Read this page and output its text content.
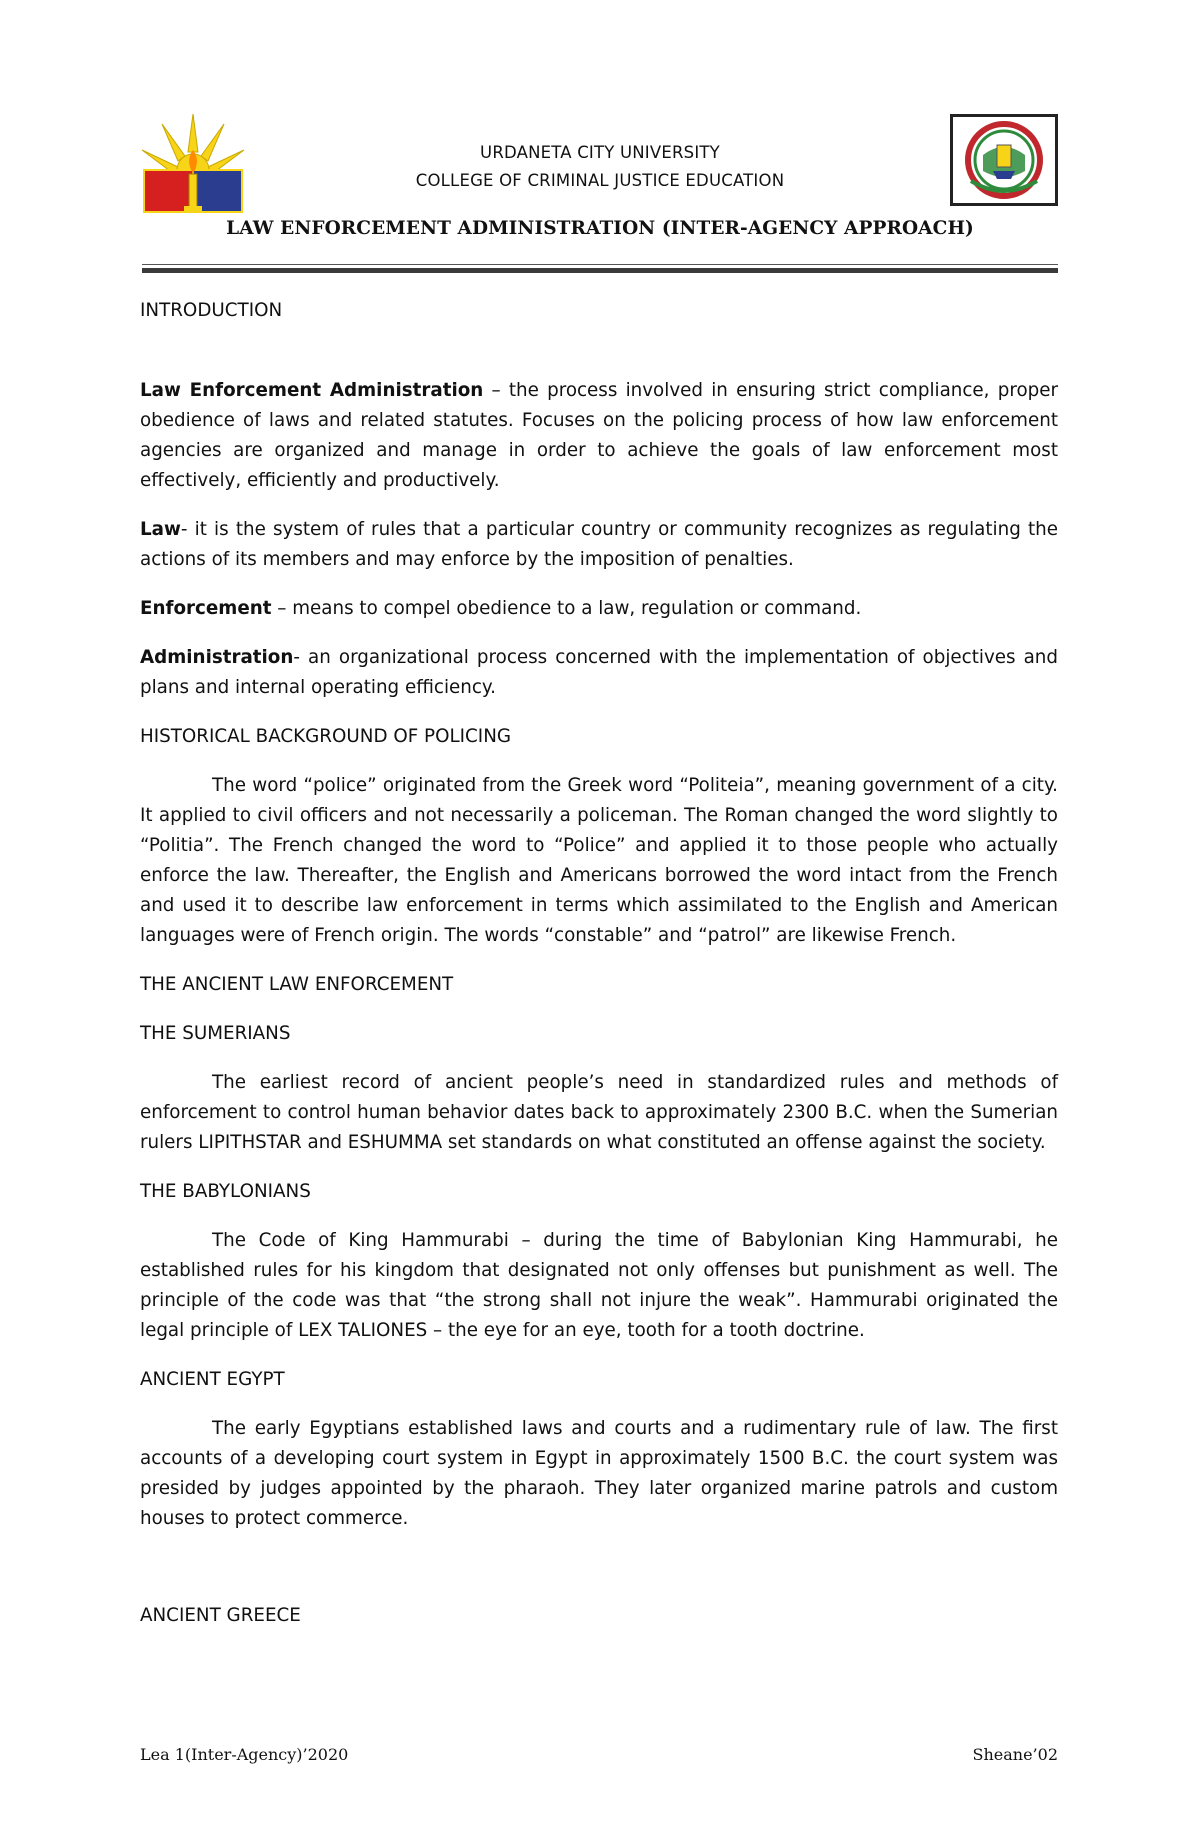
URDANETA CITY UNIVERSITY
COLLEGE OF CRIMINAL JUSTICE EDUCATION
LAW ENFORCEMENT ADMINISTRATION (INTER-AGENCY APPROACH)
INTRODUCTION

Law Enforcement Administration – the process involved in ensuring strict compliance, proper obedience of laws and related statutes. Focuses on the policing process of how law enforcement agencies are organized and manage in order to achieve the goals of law enforcement most effectively, efficiently and productively.

Law- it is the system of rules that a particular country or community recognizes as regulating the actions of its members and may enforce by the imposition of penalties.

Enforcement – means to compel obedience to a law, regulation or command.

Administration- an organizational process concerned with the implementation of objectives and plans and internal operating efficiency.

HISTORICAL BACKGROUND OF POLICING

The word “police” originated from the Greek word “Politeia”, meaning government of a city. It applied to civil officers and not necessarily a policeman. The Roman changed the word slightly to “Politia”. The French changed the word to “Police” and applied it to those people who actually enforce the law. Thereafter, the English and Americans borrowed the word intact from the French and used it to describe law enforcement in terms which assimilated to the English and American languages were of French origin. The words “constable” and “patrol” are likewise French.

THE ANCIENT LAW ENFORCEMENT
THE SUMERIANS

The earliest record of ancient people’s need in standardized rules and methods of enforcement to control human behavior dates back to approximately 2300 B.C. when the Sumerian rulers LIPITHSTAR and ESHUMMA set standards on what constituted an offense against the society.

THE BABYLONIANS

The Code of King Hammurabi – during the time of Babylonian King Hammurabi, he established rules for his kingdom that designated not only offenses but punishment as well. The principle of the code was that “the strong shall not injure the weak”. Hammurabi originated the legal principle of LEX TALIONES – the eye for an eye, tooth for a tooth doctrine.

ANCIENT EGYPT

The early Egyptians established laws and courts and a rudimentary rule of law. The first accounts of a developing court system in Egypt in approximately 1500 B.C. the court system was presided by judges appointed by the pharaoh. They later organized marine patrols and custom houses to protect commerce.

ANCIENT GREECE
Lea 1(Inter-Agency)’2020	Sheane’02
